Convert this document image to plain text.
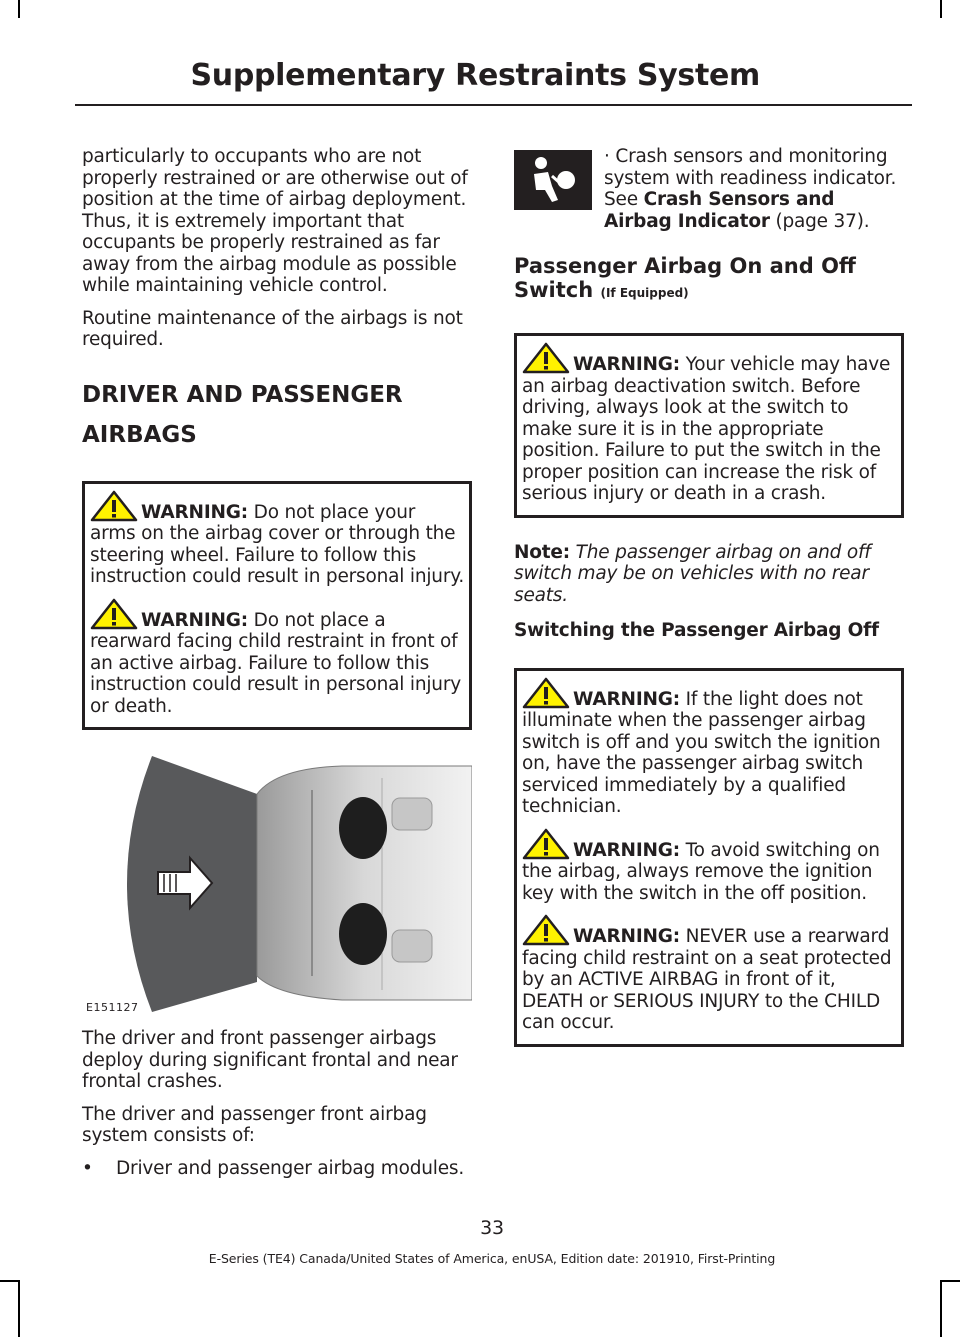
Supplementary Restraints System

particularly to occupants who are not properly restrained or are otherwise out of position at the time of airbag deployment. Thus, it is extremely important that occupants be properly restrained as far away from the airbag module as possible while maintaining vehicle control.

Routine maintenance of the airbags is not required.

DRIVER AND PASSENGER
AIRBAGS

WARNING: Do not place your arms on the airbag cover or through the steering wheel. Failure to follow this instruction could result in personal injury.

WARNING: Do not place a rearward facing child restraint in front of an active airbag. Failure to follow this instruction could result in personal injury or death.

E151127

The driver and front passenger airbags deploy during significant frontal and near frontal crashes.

The driver and passenger front airbag system consists of:

•	Driver and passenger airbag modules.

· Crash sensors and monitoring system with readiness indicator. See Crash Sensors and Airbag Indicator (page 37).

Passenger Airbag On and Off Switch (If Equipped)

WARNING: Your vehicle may have an airbag deactivation switch. Before driving, always look at the switch to make sure it is in the appropriate position. Failure to put the switch in the proper position can increase the risk of serious injury or death in a crash.

Note: The passenger airbag on and off switch may be on vehicles with no rear seats.

Switching the Passenger Airbag Off

WARNING: If the light does not illuminate when the passenger airbag switch is off and you switch the ignition on, have the passenger airbag switch serviced immediately by a qualified technician.

WARNING: To avoid switching on the airbag, always remove the ignition key with the switch in the off position.

WARNING: NEVER use a rearward facing child restraint on a seat protected by an ACTIVE AIRBAG in front of it, DEATH or SERIOUS INJURY to the CHILD can occur.

33

E-Series (TE4) Canada/United States of America, enUSA, Edition date: 201910, First-Printing
